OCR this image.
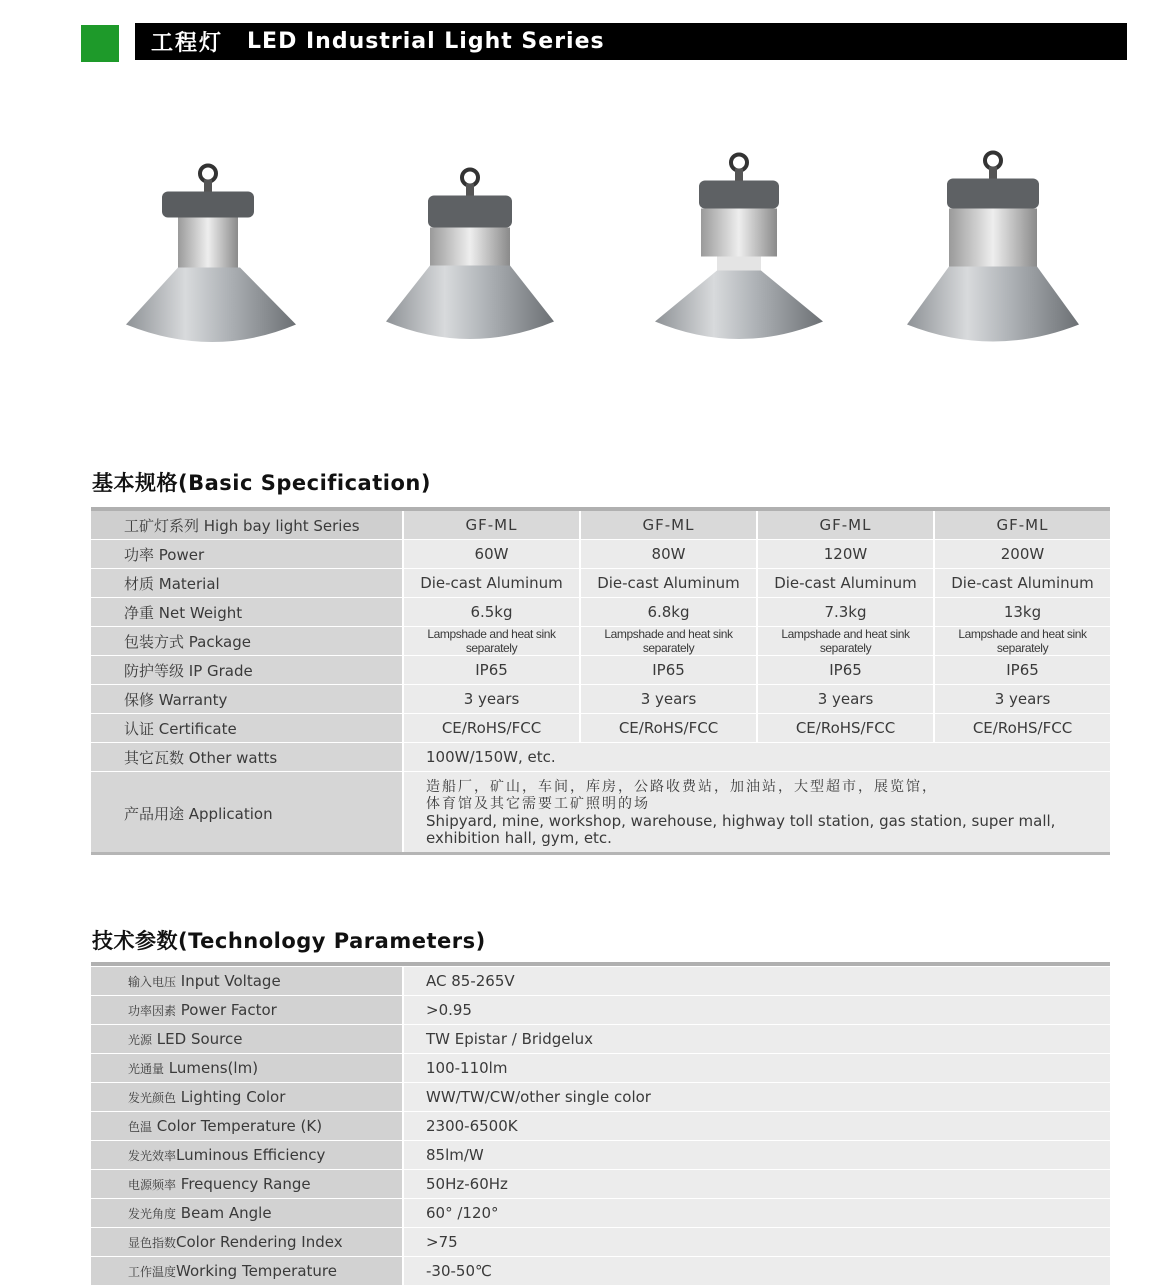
工程灯 LED Industrial Light Series
基本规格(Basic Specification)
工矿灯系列 High bay light Series	GF-ML	GF-ML	GF-ML	GF-ML
功率 Power	60W	80W	120W	200W
材质 Material	Die-cast Aluminum	Die-cast Aluminum	Die-cast Aluminum	Die-cast Aluminum
净重 Net Weight	6.5kg	6.8kg	7.3kg	13kg
包装方式 Package	Lampshade and heat sink separately	Lampshade and heat sink separately	Lampshade and heat sink separately	Lampshade and heat sink separately
防护等级 IP Grade	IP65	IP65	IP65	IP65
保修 Warranty	3 years	3 years	3 years	3 years
认证 Certificate	CE/RoHS/FCC	CE/RoHS/FCC	CE/RoHS/FCC	CE/RoHS/FCC
其它瓦数 Other watts	100W/150W, etc.			
产品用途 Application	造船厂，矿山，车间，库房，公路收费站，加油站，大型超市，展览馆，
体育馆及其它需要工矿照明的场
Shipyard, mine, workshop, warehouse, highway toll station, gas station, super mall,
exhibition hall, gym, etc.			
技术参数(Technology Parameters)
输入电压 Input Voltage	AC 85-265V
功率因素 Power Factor	>0.95
光源 LED Source	TW Epistar / Bridgelux
光通量 Lumens(lm)	100-110lm
发光颜色 Lighting Color	WW/TW/CW/other single color
色温 Color Temperature (K)	2300-6500K
发光效率Luminous Efficiency	85lm/W
电源频率 Frequency Range	50Hz-60Hz
发光角度 Beam Angle	60° /120°
显色指数Color Rendering Index	>75
工作温度Working Temperature	-30-50℃
